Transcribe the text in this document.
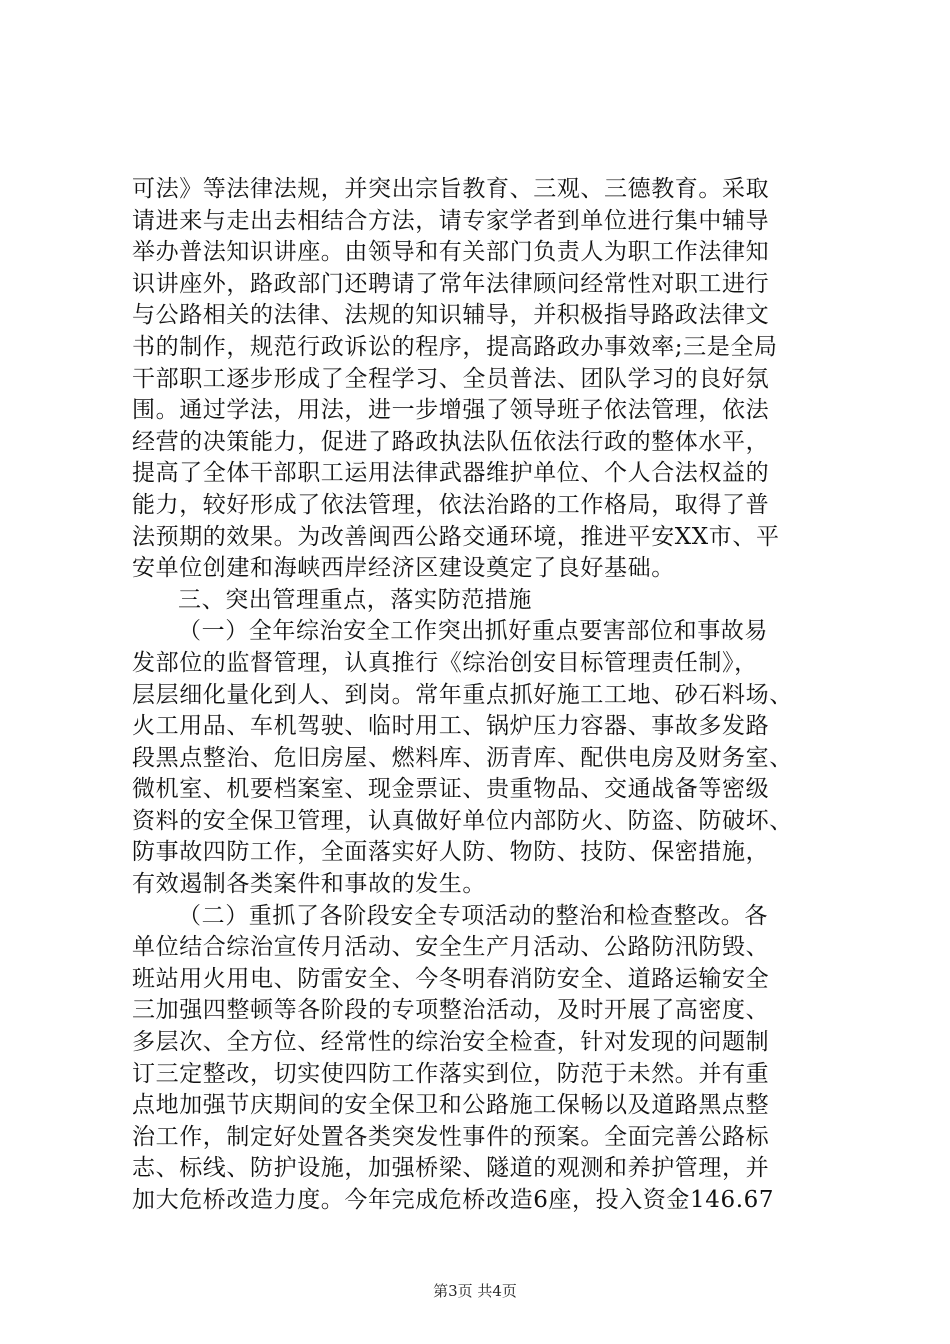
可法》等法律法规，并突出宗旨教育、三观、三德教育。采取
请进来与走出去相结合方法，请专家学者到单位进行集中辅导
举办普法知识讲座。由领导和有关部门负责人为职工作法律知
识讲座外，路政部门还聘请了常年法律顾问经常性对职工进行
与公路相关的法律、法规的知识辅导，并积极指导路政法律文
书的制作，规范行政诉讼的程序，提高路政办事效率;三是全局
干部职工逐步形成了全程学习、全员普法、团队学习的良好氛
围。通过学法，用法，进一步增强了领导班子依法管理，依法
经营的决策能力，促进了路政执法队伍依法行政的整体水平，
提高了全体干部职工运用法律武器维护单位、个人合法权益的
能力，较好形成了依法管理，依法治路的工作格局，取得了普
法预期的效果。为改善闽西公路交通环境，推进平安XX市、平
安单位创建和海峡西岸经济区建设奠定了良好基础。
三、突出管理重点，落实防范措施
（一）全年综治安全工作突出抓好重点要害部位和事故易
发部位的监督管理，认真推行《综治创安目标管理责任制》，
层层细化量化到人、到岗。常年重点抓好施工工地、砂石料场、
火工用品、车机驾驶、临时用工、锅炉压力容器、事故多发路
段黑点整治、危旧房屋、燃料库、沥青库、配供电房及财务室、
微机室、机要档案室、现金票证、贵重物品、交通战备等密级
资料的安全保卫管理，认真做好单位内部防火、防盗、防破坏、
防事故四防工作，全面落实好人防、物防、技防、保密措施，
有效遏制各类案件和事故的发生。
（二）重抓了各阶段安全专项活动的整治和检查整改。各
单位结合综治宣传月活动、安全生产月活动、公路防汛防毁、
班站用火用电、防雷安全、今冬明春消防安全、道路运输安全
三加强四整顿等各阶段的专项整治活动，及时开展了高密度、
多层次、全方位、经常性的综治安全检查，针对发现的问题制
订三定整改，切实使四防工作落实到位，防范于未然。并有重
点地加强节庆期间的安全保卫和公路施工保畅以及道路黑点整
治工作，制定好处置各类突发性事件的预案。全面完善公路标
志、标线、防护设施，加强桥梁、隧道的观测和养护管理，并
加大危桥改造力度。今年完成危桥改造6座，投入资金146.67
第3页 共4页
